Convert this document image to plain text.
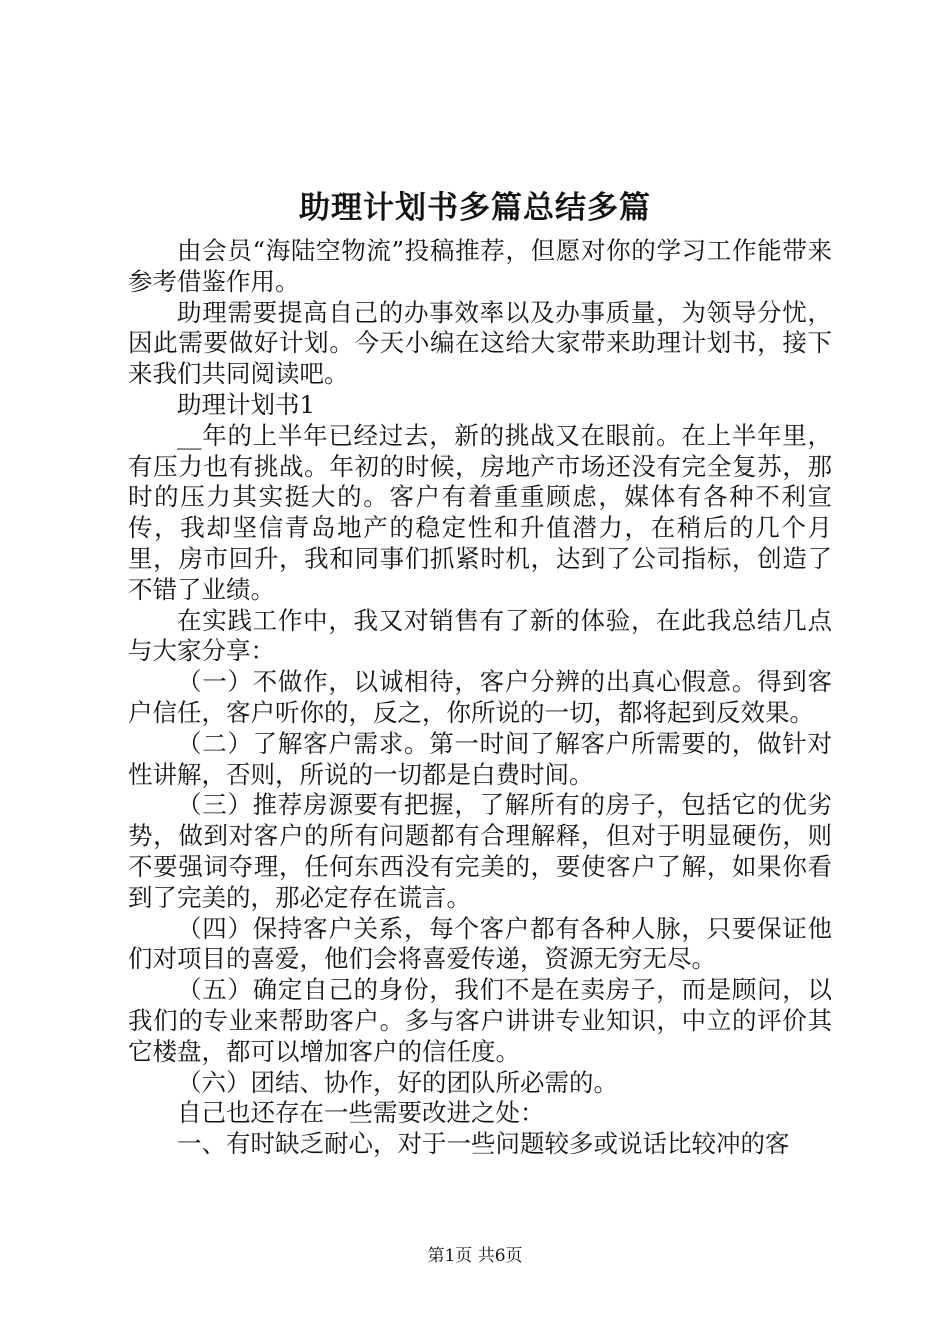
助理计划书多篇总结多篇

由会员“海陆空物流”投稿推荐，但愿对你的学习工作能带来参考借鉴作用。

助理需要提高自己的办事效率以及办事质量，为领导分忧，因此需要做好计划。今天小编在这给大家带来助理计划书，接下来我们共同阅读吧。

助理计划书1

__年的上半年已经过去，新的挑战又在眼前。在上半年里，有压力也有挑战。年初的时候，房地产市场还没有完全复苏，那时的压力其实挺大的。客户有着重重顾虑，媒体有各种不利宣传，我却坚信青岛地产的稳定性和升值潜力，在稍后的几个月里，房市回升，我和同事们抓紧时机，达到了公司指标，创造了不错了业绩。

在实践工作中，我又对销售有了新的体验，在此我总结几点与大家分享：

（一）不做作，以诚相待，客户分辨的出真心假意。得到客户信任，客户听你的，反之，你所说的一切，都将起到反效果。

（二）了解客户需求。第一时间了解客户所需要的，做针对性讲解，否则，所说的一切都是白费时间。

（三）推荐房源要有把握，了解所有的房子，包括它的优劣势，做到对客户的所有问题都有合理解释，但对于明显硬伤，则不要强词夺理，任何东西没有完美的，要使客户了解，如果你看到了完美的，那必定存在谎言。

（四）保持客户关系，每个客户都有各种人脉，只要保证他们对项目的喜爱，他们会将喜爱传递，资源无穷无尽。

（五）确定自己的身份，我们不是在卖房子，而是顾问，以我们的专业来帮助客户。多与客户讲讲专业知识，中立的评价其它楼盘，都可以增加客户的信任度。

（六）团结、协作，好的团队所必需的。

自己也还存在一些需要改进之处：

一、有时缺乏耐心，对于一些问题较多或说话比较冲的客

第1页 共6页
